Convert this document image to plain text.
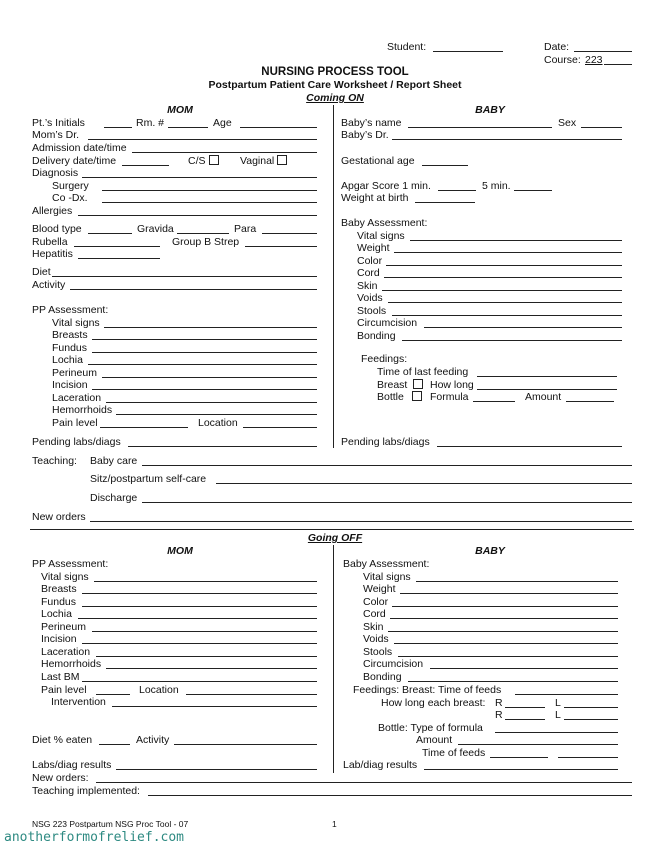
Student:	Date:
Course: 223
NURSING PROCESS TOOL
Postpartum Patient Care Worksheet / Report Sheet
Coming ON
MOM
Pt.’s Initials	Rm. #	Age
Mom’s Dr.
Admission date/time
Delivery date/time	C/S	Vaginal
Diagnosis
Surgery
Co -Dx.
Allergies
Blood type	Gravida	Para
Rubella	Group B Strep
Hepatitis
Diet
Activity
PP Assessment:
Vital signs
Breasts
Fundus
Lochia
Perineum
Incision
Laceration
Hemorrhoids
Pain level	Location
Pending labs/diags
BABY
Baby’s name	Sex
Baby’s Dr.
Gestational age
Apgar Score 1 min.	5 min.
Weight at birth
Baby Assessment:
Vital signs
Weight
Color
Cord
Skin
Voids
Stools
Circumcision
Bonding
Feedings:
Time of last feeding
Breast	How long
Bottle	Formula	Amount
Pending labs/diags
Teaching: Baby care
Sitz/postpartum self-care
Discharge
New orders
Going OFF
MOM	BABY
PP Assessment:
Vital signs
Breasts
Fundus
Lochia
Perineum
Incision
Laceration
Hemorrhoids
Last BM
Pain level	Location
Intervention
Diet % eaten	Activity
Labs/diag results
Baby Assessment:
Vital signs
Weight
Color
Cord
Skin
Voids
Stools
Circumcision
Bonding
Feedings: Breast: Time of feeds
How long each breast: R	L
R	L
Bottle: Type of formula
Amount
Time of feeds
Lab/diag results
New orders:
Teaching implemented:
NSG 223 Postpartum NSG Proc Tool - 07	1
anotherformofrelief.com
